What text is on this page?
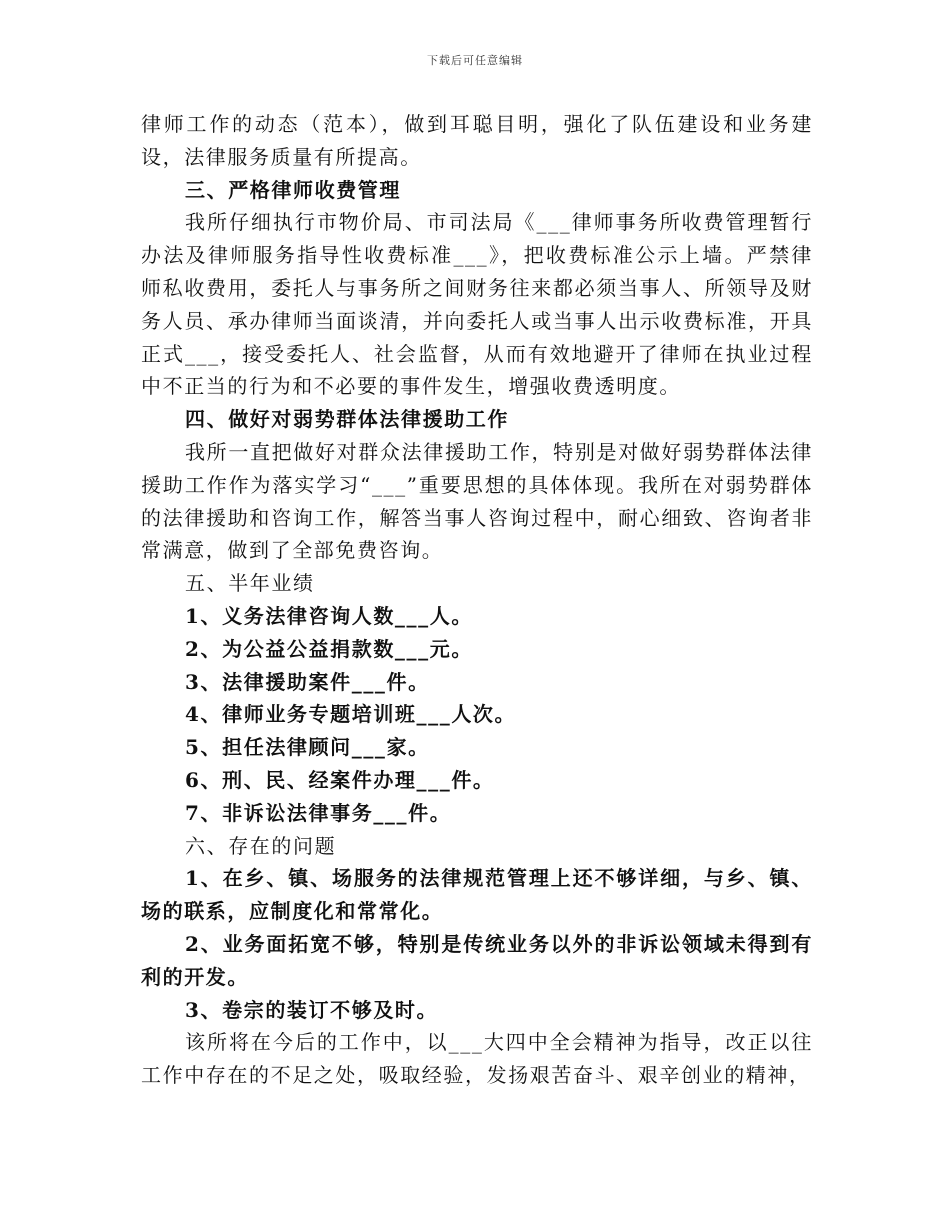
下载后可任意编辑

律师工作的动态（范本），做到耳聪目明，强化了队伍建设和业务建设，法律服务质量有所提高。

三、严格律师收费管理

我所仔细执行市物价局、市司法局《___律师事务所收费管理暂行办法及律师服务指导性收费标准___》，把收费标准公示上墙。严禁律师私收费用，委托人与事务所之间财务往来都必须当事人、所领导及财务人员、承办律师当面谈清，并向委托人或当事人出示收费标准，开具正式___，接受委托人、社会监督，从而有效地避开了律师在执业过程中不正当的行为和不必要的事件发生，增强收费透明度。

四、做好对弱势群体法律援助工作

我所一直把做好对群众法律援助工作，特别是对做好弱势群体法律援助工作作为落实学习“___”重要思想的具体体现。我所在对弱势群体的法律援助和咨询工作，解答当事人咨询过程中，耐心细致、咨询者非常满意，做到了全部免费咨询。

五、半年业绩

1、义务法律咨询人数___人。

2、为公益公益捐款数___元。

3、法律援助案件___件。

4、律师业务专题培训班___人次。

5、担任法律顾问___家。

6、刑、民、经案件办理___件。

7、非诉讼法律事务___件。

六、存在的问题

1、在乡、镇、场服务的法律规范管理上还不够详细，与乡、镇、场的联系，应制度化和常常化。

2、业务面拓宽不够，特别是传统业务以外的非诉讼领域未得到有利的开发。

3、卷宗的装订不够及时。

该所将在今后的工作中，以___大四中全会精神为指导，改正以往工作中存在的不足之处，吸取经验，发扬艰苦奋斗、艰辛创业的精神，
